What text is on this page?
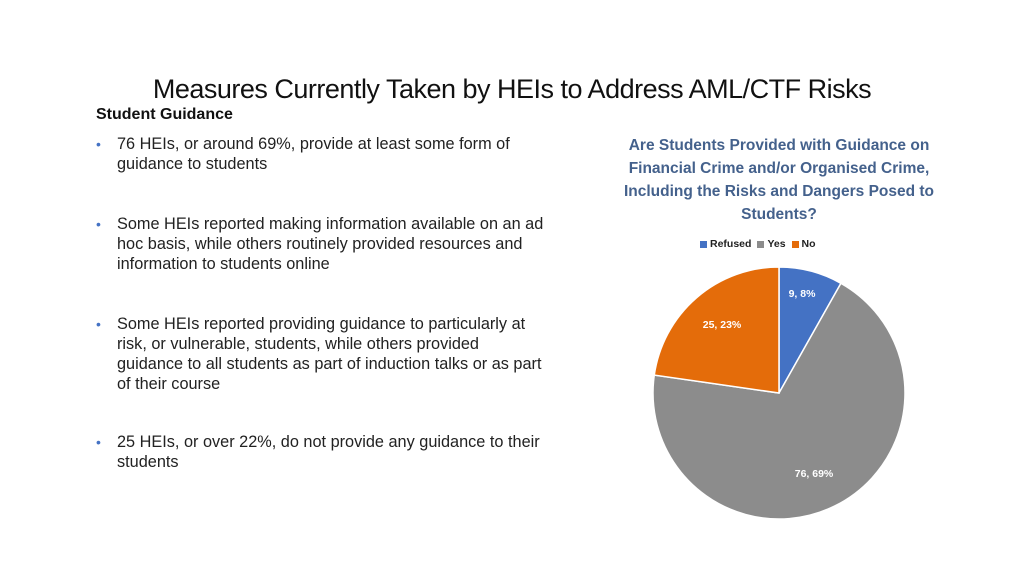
Measures Currently Taken by HEIs to Address AML/CTF Risks
Student Guidance
• 76 HEIs, or around 69%, provide at least some form of guidance to students
• Some HEIs reported making information available on an ad hoc basis, while others routinely provided resources and information to students online
• Some HEIs reported providing guidance to particularly at risk, or vulnerable, students, while others provided guidance to all students as part of induction talks or as part of their course
• 25 HEIs, or over 22%, do not provide any guidance to their students
Are Students Provided with Guidance on Financial Crime and/or Organised Crime, Including the Risks and Dangers Posed to Students?
Refused Yes No
9, 8%
76, 69%
25, 23%
